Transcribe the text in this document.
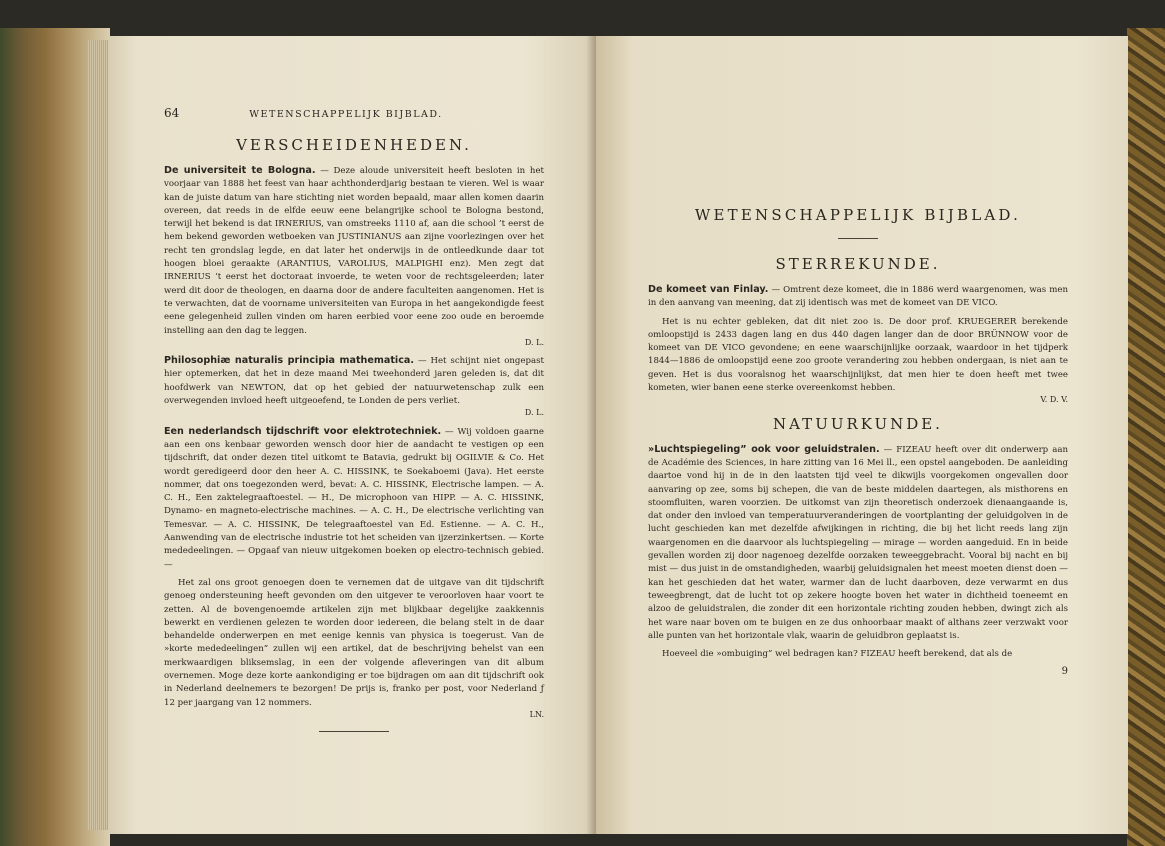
64	WETENSCHAPPELIJK BIJBLAD.
VERSCHEIDENHEDEN.

De universiteit te Bologna. — Deze aloude universiteit heeft besloten in het voorjaar van 1888 het feest van haar achthonderdjarig bestaan te vieren. Wel is waar kan de juiste datum van hare stichting niet worden bepaald, maar allen komen daarin overeen, dat reeds in de elfde eeuw eene belangrijke school te Bologna bestond, terwijl het bekend is dat IRNERIUS, van omstreeks 1110 af, aan die school ’t eerst de hem bekend geworden wetboeken van JUSTINIANUS aan zijne voorlezingen over het recht ten grondslag legde, en dat later het onderwijs in de ontleedkunde daar tot hoogen bloei geraakte (ARANTIUS, VAROLIUS, MALPIGHI enz). Men zegt dat IRNERIUS ’t eerst het doctoraat invoerde, te weten voor de rechtsgeleerden; later werd dit door de theologen, en daarna door de andere faculteiten aangenomen. Het is te verwachten, dat de voorname universiteiten van Europa in het aangekondigde feest eene gelegenheid zullen vinden om haren eerbied voor eene zoo oude en beroemde instelling aan den dag te leggen.
D. L.

Philosophiæ naturalis principia mathematica. — Het schijnt niet ongepast hier optemerken, dat het in deze maand Mei tweehonderd jaren geleden is, dat dit hoofdwerk van NEWTON, dat op het gebied der natuurwetenschap zulk een overwegenden invloed heeft uitgeoefend, te Londen de pers verliet.
D. L.

Een nederlandsch tijdschrift voor elektrotechniek. — Wij voldoen gaarne aan een ons kenbaar geworden wensch door hier de aandacht te vestigen op een tijdschrift, dat onder dezen titel uitkomt te Batavia, gedrukt bij OGILVIE & Co. Het wordt geredigeerd door den heer A. C. HISSINK, te Soekaboemi (Java). Het eerste nommer, dat ons toegezonden werd, bevat: A. C. HISSINK, Electrische lampen. — A. C. H., Een zaktelegraaftoestel. — H., De microphoon van HIPP. — A. C. HISSINK, Dynamo- en magneto-electrische machines. — A. C. H., De electrische verlichting van Temesvar. — A. C. HISSINK, De telegraaftoestel van Ed. Estienne. — A. C. H., Aanwending van de electrische industrie tot het scheiden van ijzerzinkertsen. — Korte mededeelingen. — Opgaaf van nieuw uitgekomen boeken op electro-technisch gebied. —

Het zal ons groot genoegen doen te vernemen dat de uitgave van dit tijdschrift genoeg ondersteuning heeft gevonden om den uitgever te veroorloven haar voort te zetten. Al de bovengenoemde artikelen zijn met blijkbaar degelijke zaakkennis bewerkt en verdienen gelezen te worden door iedereen, die belang stelt in de daar behandelde onderwerpen en met eenige kennis van physica is toegerust. Van de »korte mededeelingen” zullen wij een artikel, dat de beschrijving behelst van een merkwaardigen bliksemslag, in een der volgende afleveringen van dit album overnemen. Moge deze korte aankondiging er toe bijdragen om aan dit tijdschrift ook in Nederland deelnemers te bezorgen! De prijs is, franko per post, voor Nederland ƒ 12 per jaargang van 12 nommers.
LN.

WETENSCHAPPELIJK BIJBLAD.
STERREKUNDE.

De komeet van Finlay. — Omtrent deze komeet, die in 1886 werd waargenomen, was men in den aanvang van meening, dat zij identisch was met de komeet van DE VICO.

Het is nu echter gebleken, dat dit niet zoo is. De door prof. KRUEGERER berekende omloopstijd is 2433 dagen lang en dus 440 dagen langer dan de door BRÜNNOW voor de komeet van DE VICO gevondene; en eene waarschijnlijke oorzaak, waardoor in het tijdperk 1844—1886 de omloopstijd eene zoo groote verandering zou hebben ondergaan, is niet aan te geven. Het is dus vooralsnog het waarschijnlijkst, dat men hier te doen heeft met twee kometen, wier banen eene sterke overeenkomst hebben.
V. D. V.

NATUURKUNDE.

»Luchtspiegeling” ook voor geluidstralen. — FIZEAU heeft over dit onderwerp aan de Académie des Sciences, in hare zitting van 16 Mei ll., een opstel aangeboden. De aanleiding daartoe vond hij in de in den laatsten tijd veel te dikwijls voorgekomen ongevallen door aanvaring op zee, soms bij schepen, die van de beste middelen daartegen, als misthorens en stoomfluiten, waren voorzien. De uitkomst van zijn theoretisch onderzoek dienaangaande is, dat onder den invloed van temperatuurveranderingen de voortplanting der geluidgolven in de lucht geschieden kan met dezelfde afwijkingen in richting, die bij het licht reeds lang zijn waargenomen en die daarvoor als luchtspiegeling — mirage — worden aangeduid. En in beide gevallen worden zij door nagenoeg dezelfde oorzaken teweeggebracht. Vooral bij nacht en bij mist — dus juist in de omstandigheden, waarbij geluidsignalen het meest moeten dienst doen — kan het geschieden dat het water, warmer dan de lucht daarboven, deze verwarmt en dus teweegbrengt, dat de lucht tot op zekere hoogte boven het water in dichtheid toeneemt en alzoo de geluidstralen, die zonder dit een horizontale richting zouden hebben, dwingt zich als het ware naar boven om te buigen en ze dus onhoorbaar maakt of althans zeer verzwakt voor alle punten van het horizontale vlak, waarin de geluidbron geplaatst is.

Hoeveel die »ombuiging” wel bedragen kan? FIZEAU heeft berekend, dat als de

9
